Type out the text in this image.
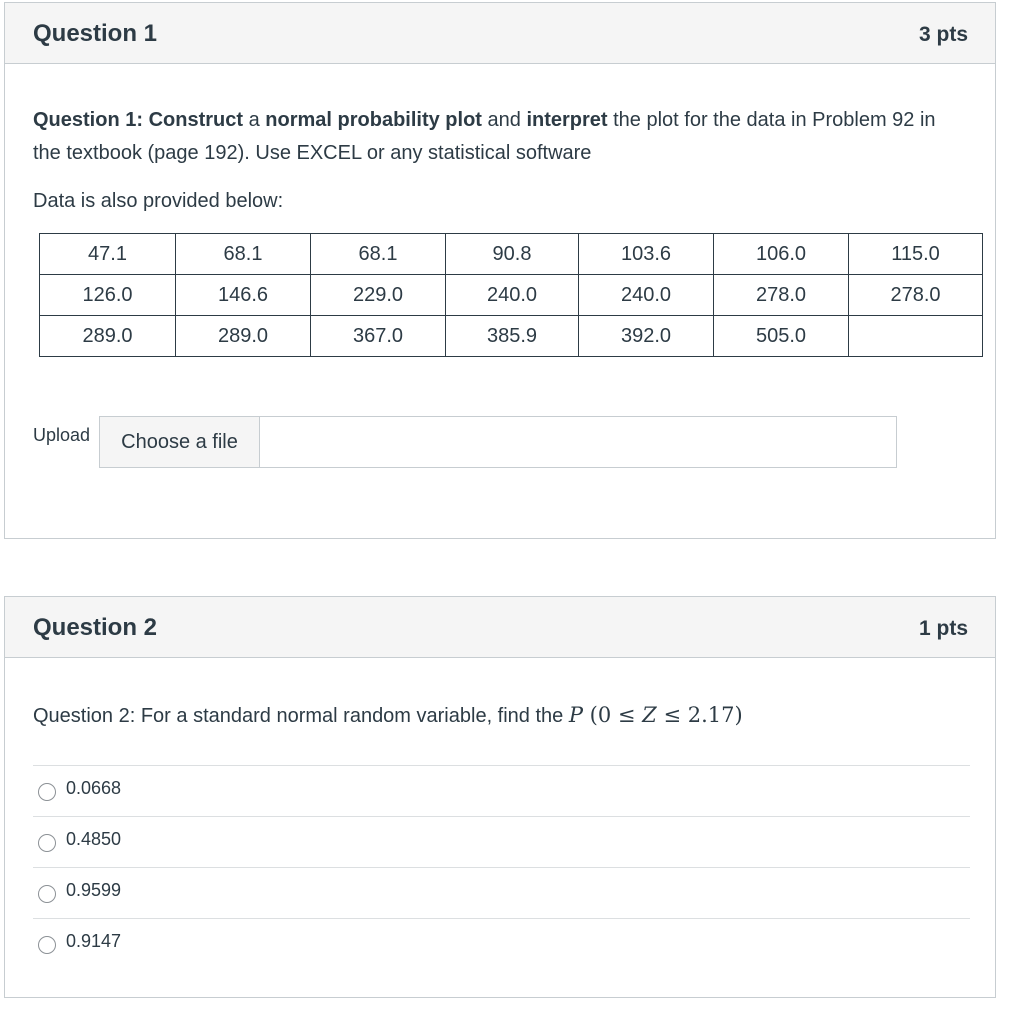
Question 1	3 pts
Question 1: Construct a normal probability plot and interpret the plot for the data in Problem 92 in
the textbook (page 192). Use EXCEL or any statistical software
Data is also provided below:
47.1	68.1	68.1	90.8	103.6	106.0	115.0
126.0	146.6	229.0	240.0	240.0	278.0	278.0
289.0	289.0	367.0	385.9	392.0	505.0	
Upload	Choose a file
Question 2	1 pts
Question 2: For a standard normal random variable, find the P (0 ≤ Z ≤ 2.17)
0.0668
0.4850
0.9599
0.9147
